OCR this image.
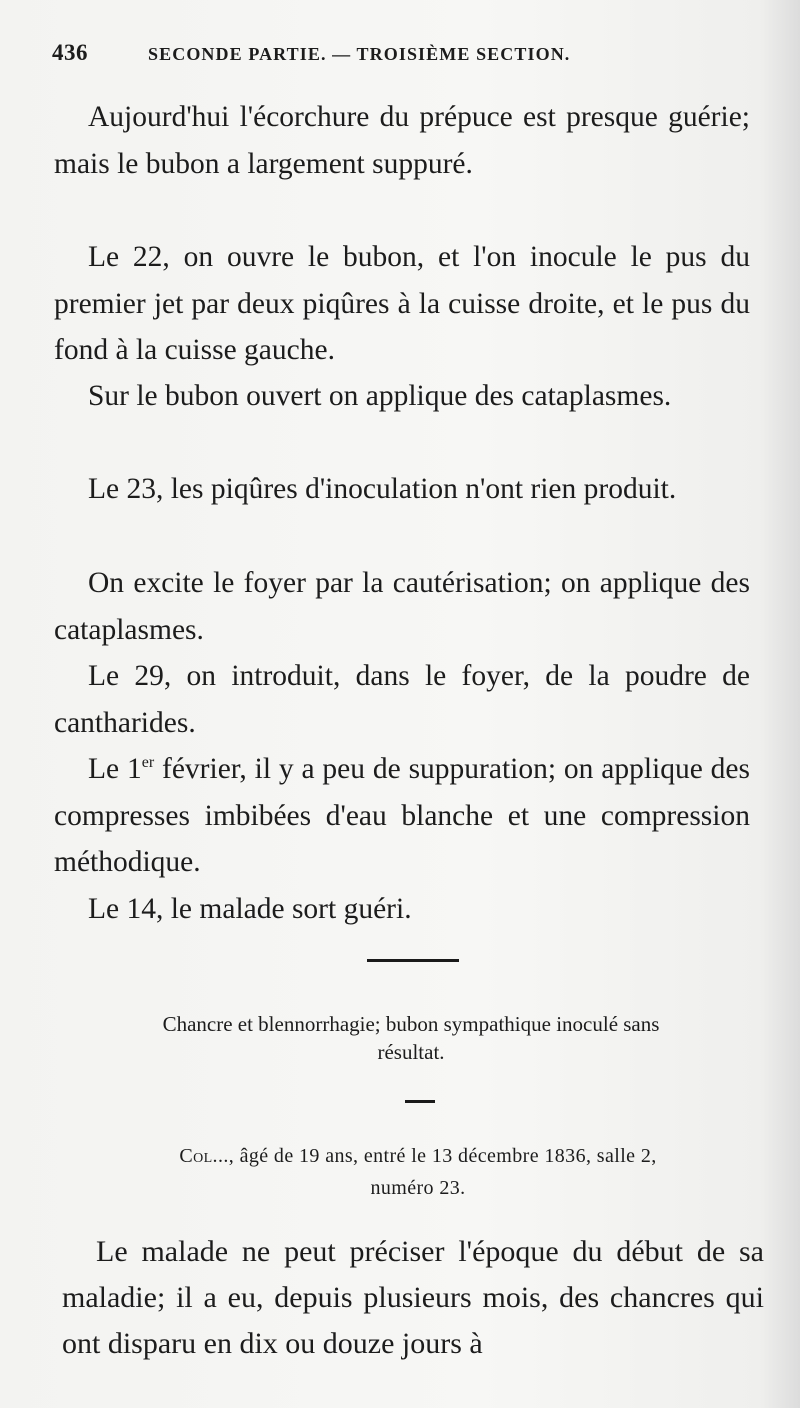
436	SECONDE PARTIE. — TROISIÈME SECTION.

Aujourd'hui l'écorchure du prépuce est presque guérie; mais le bubon a largement suppuré.

Le 22, on ouvre le bubon, et l'on inocule le pus du premier jet par deux piqûres à la cuisse droite, et le pus du fond à la cuisse gauche.

Sur le bubon ouvert on applique des cataplasmes.

Le 23, les piqûres d'inoculation n'ont rien produit.

On excite le foyer par la cautérisation; on applique des cataplasmes.

Le 29, on introduit, dans le foyer, de la poudre de cantharides.

Le 1er février, il y a peu de suppuration; on applique des compresses imbibées d'eau blanche et une compression méthodique.

Le 14, le malade sort guéri.

Chancre et blennorrhagie; bubon sympathique inoculé sans
résultat.

Col..., âgé de 19 ans, entré le 13 décembre 1836, salle 2,
numéro 23.

Le malade ne peut préciser l'époque du début de sa maladie; il a eu, depuis plusieurs mois, des chancres qui ont disparu en dix ou douze jours à
